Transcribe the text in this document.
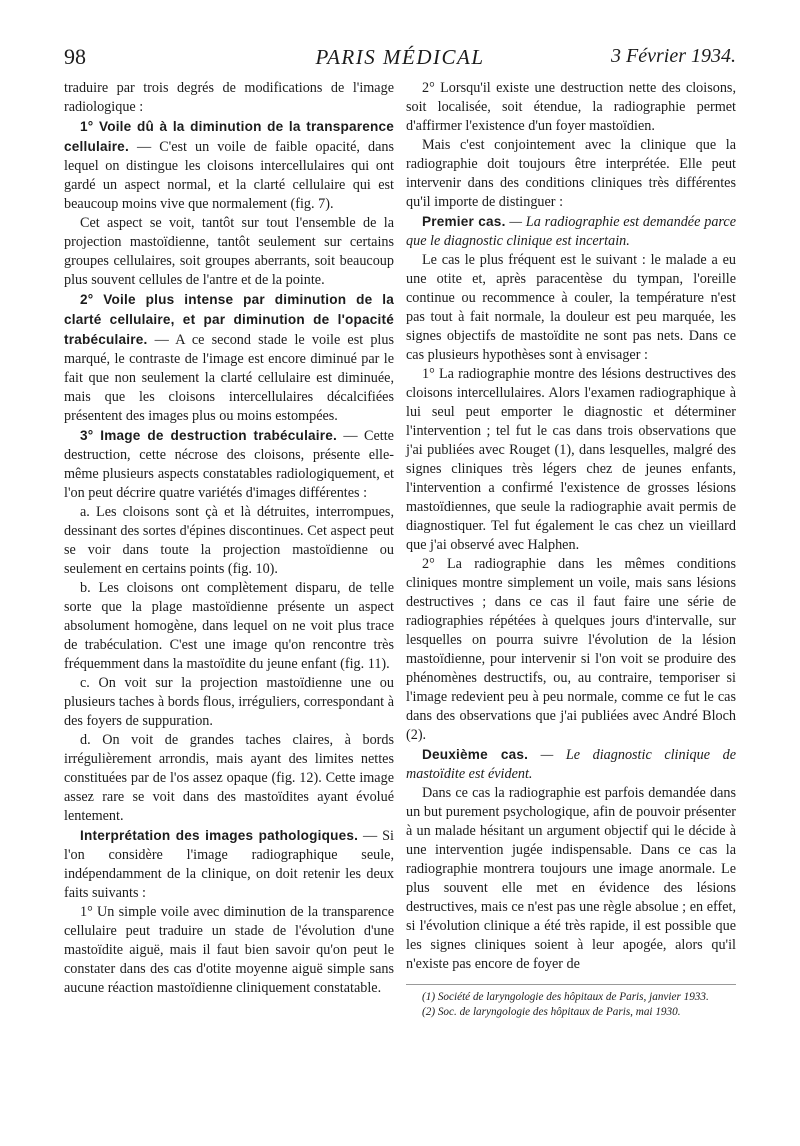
98	PARIS MÉDICAL	3 Février 1934.

traduire par trois degrés de modifications de l'image radiologique :

1° Voile dû à la diminution de la transparence cellulaire. — C'est un voile de faible opacité, dans lequel on distingue les cloisons intercellulaires qui ont gardé un aspect normal, et la clarté cellulaire qui est beaucoup moins vive que normalement (fig. 7).

Cet aspect se voit, tantôt sur tout l'ensemble de la projection mastoïdienne, tantôt seulement sur certains groupes cellulaires, soit groupes aberrants, soit beaucoup plus souvent cellules de l'antre et de la pointe.

2° Voile plus intense par diminution de la clarté cellulaire, et par diminution de l'opacité trabéculaire. — A ce second stade le voile est plus marqué, le contraste de l'image est encore diminué par le fait que non seulement la clarté cellulaire est diminuée, mais que les cloisons intercellulaires décalcifiées présentent des images plus ou moins estompées.

3° Image de destruction trabéculaire. — Cette destruction, cette nécrose des cloisons, présente elle-même plusieurs aspects constatables radiologiquement, et l'on peut décrire quatre variétés d'images différentes :

a. Les cloisons sont çà et là détruites, interrompues, dessinant des sortes d'épines discontinues. Cet aspect peut se voir dans toute la projection mastoïdienne ou seulement en certains points (fig. 10).

b. Les cloisons ont complètement disparu, de telle sorte que la plage mastoïdienne présente un aspect absolument homogène, dans lequel on ne voit plus trace de trabéculation. C'est une image qu'on rencontre très fréquemment dans la mastoïdite du jeune enfant (fig. 11).

c. On voit sur la projection mastoïdienne une ou plusieurs taches à bords flous, irréguliers, correspondant à des foyers de suppuration.

d. On voit de grandes taches claires, à bords irrégulièrement arrondis, mais ayant des limites nettes constituées par de l'os assez opaque (fig. 12). Cette image assez rare se voit dans des mastoïdites ayant évolué lentement.

Interprétation des images pathologiques. — Si l'on considère l'image radiographique seule, indépendamment de la clinique, on doit retenir les deux faits suivants :

1° Un simple voile avec diminution de la transparence cellulaire peut traduire un stade de l'évolution d'une mastoïdite aiguë, mais il faut bien savoir qu'on peut le constater dans des cas d'otite moyenne aiguë simple sans aucune réaction mastoïdienne cliniquement constatable.

2° Lorsqu'il existe une destruction nette des cloisons, soit localisée, soit étendue, la radiographie permet d'affirmer l'existence d'un foyer mastoïdien.

Mais c'est conjointement avec la clinique que la radiographie doit toujours être interprétée. Elle peut intervenir dans des conditions cliniques très différentes qu'il importe de distinguer :

Premier cas. — La radiographie est demandée parce que le diagnostic clinique est incertain.

Le cas le plus fréquent est le suivant : le malade a eu une otite et, après paracentèse du tympan, l'oreille continue ou recommence à couler, la température n'est pas tout à fait normale, la douleur est peu marquée, les signes objectifs de mastoïdite ne sont pas nets. Dans ce cas plusieurs hypothèses sont à envisager :

1° La radiographie montre des lésions destructives des cloisons intercellulaires. Alors l'examen radiographique à lui seul peut emporter le diagnostic et déterminer l'intervention ; tel fut le cas dans trois observations que j'ai publiées avec Rouget (1), dans lesquelles, malgré des signes cliniques très légers chez de jeunes enfants, l'intervention a confirmé l'existence de grosses lésions mastoïdiennes, que seule la radiographie avait permis de diagnostiquer. Tel fut également le cas chez un vieillard que j'ai observé avec Halphen.

2° La radiographie dans les mêmes conditions cliniques montre simplement un voile, mais sans lésions destructives ; dans ce cas il faut faire une série de radiographies répétées à quelques jours d'intervalle, sur lesquelles on pourra suivre l'évolution de la lésion mastoïdienne, pour intervenir si l'on voit se produire des phénomènes destructifs, ou, au contraire, temporiser si l'image redevient peu à peu normale, comme ce fut le cas dans des observations que j'ai publiées avec André Bloch (2).

Deuxième cas. — Le diagnostic clinique de mastoïdite est évident.

Dans ce cas la radiographie est parfois demandée dans un but purement psychologique, afin de pouvoir présenter à un malade hésitant un argument objectif qui le décide à une intervention jugée indispensable. Dans ce cas la radiographie montrera toujours une image anormale. Le plus souvent elle met en évidence des lésions destructives, mais ce n'est pas une règle absolue ; en effet, si l'évolution clinique a été très rapide, il est possible que les signes cliniques soient à leur apogée, alors qu'il n'existe pas encore de foyer de

(1) Société de laryngologie des hôpitaux de Paris, janvier 1933.

(2) Soc. de laryngologie des hôpitaux de Paris, mai 1930.
